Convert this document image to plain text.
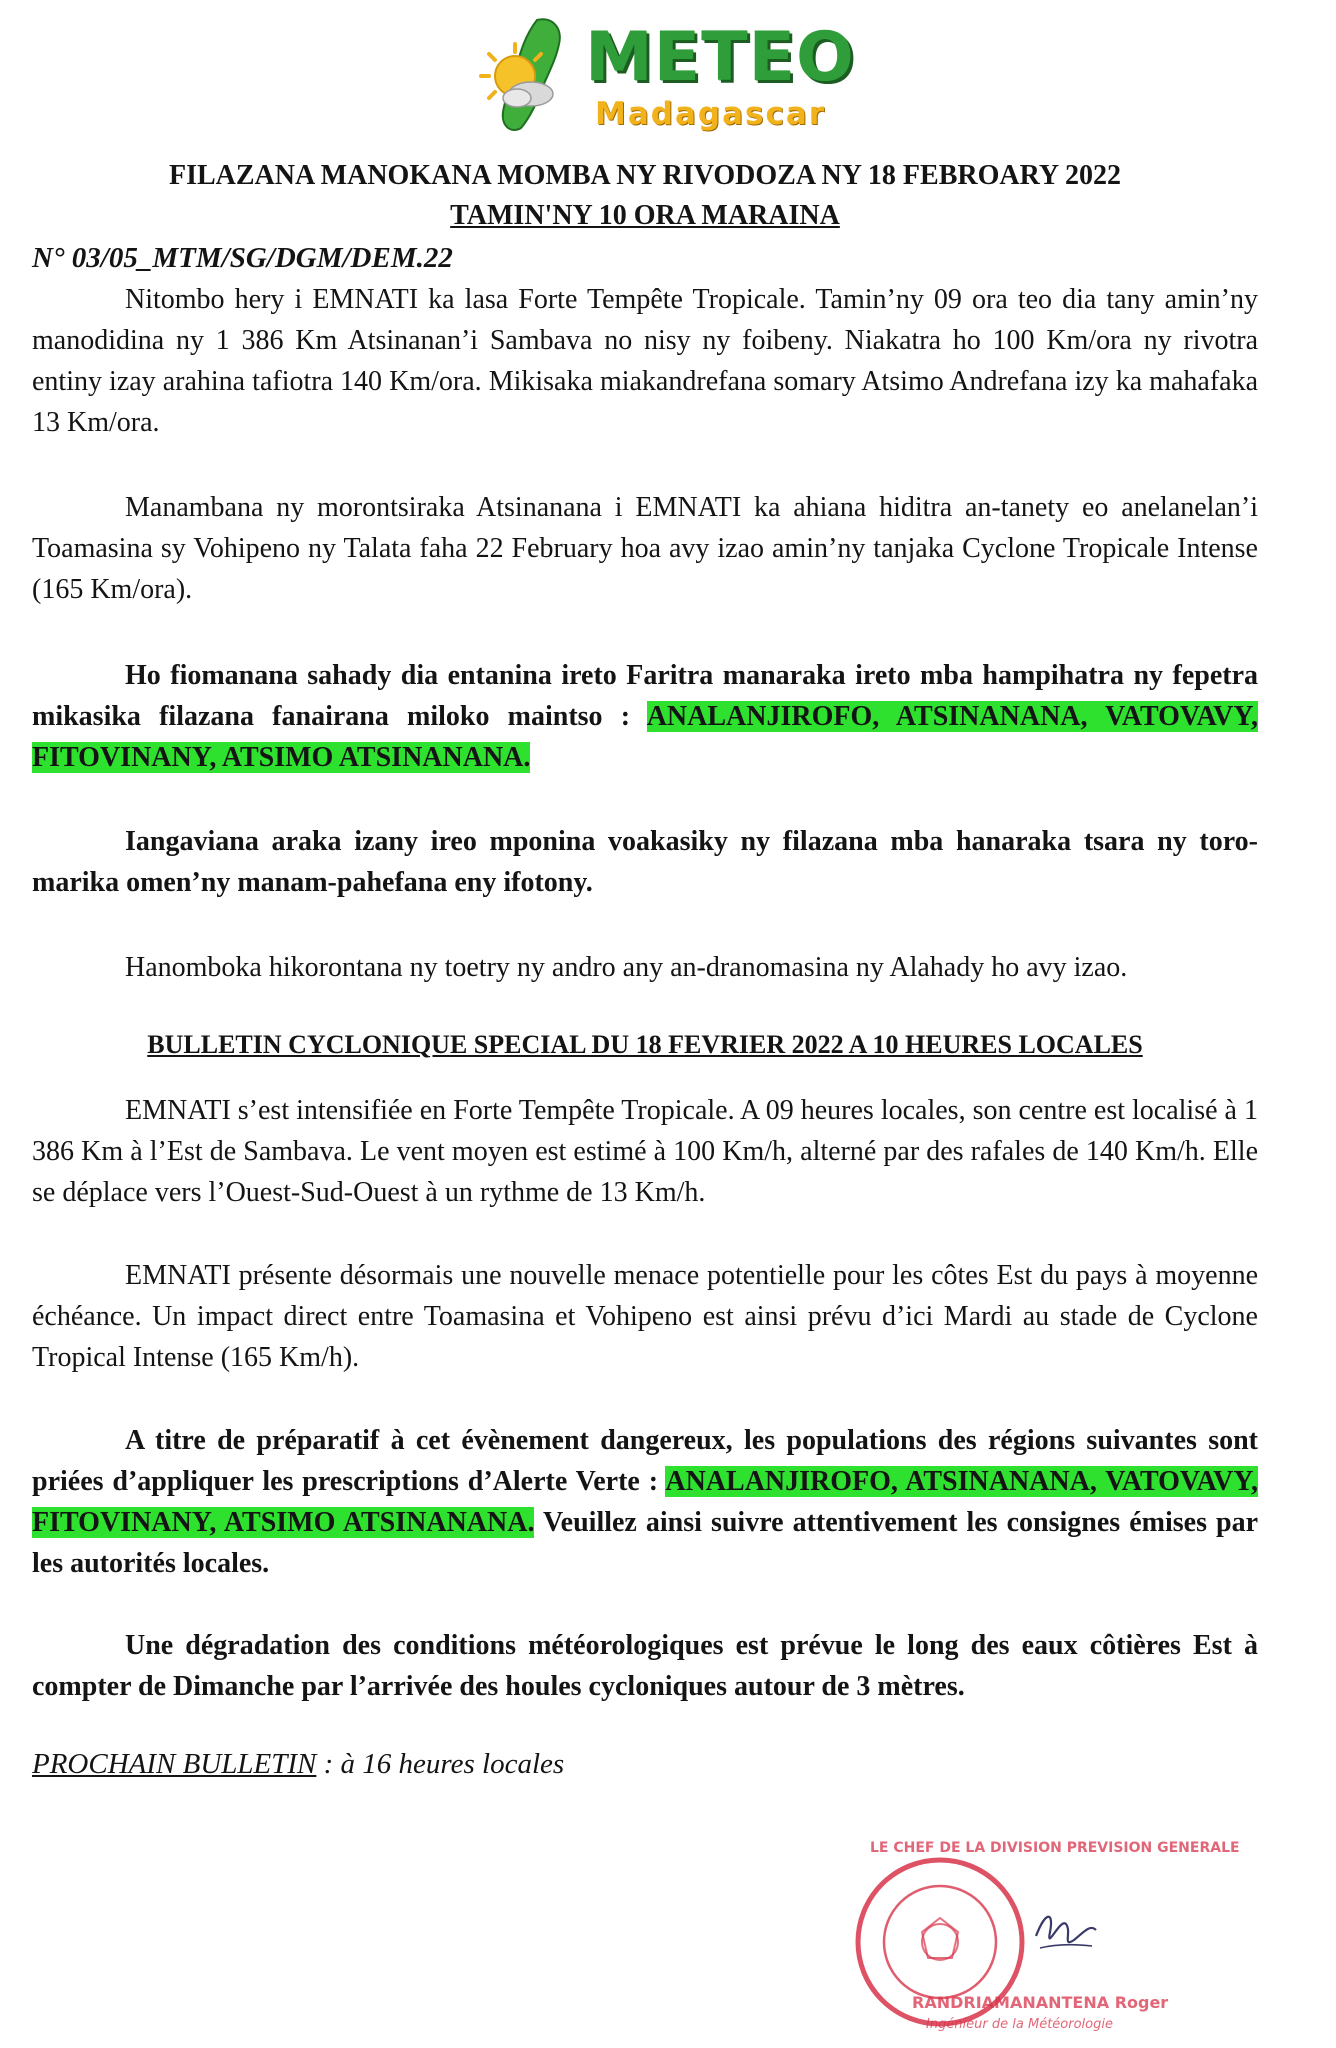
METEO
Madagascar
FILAZANA MANOKANA MOMBA NY RIVODOZA NY 18 FEBROARY 2022
TAMIN'NY 10 ORA MARAINA
N° 03/05_MTM/SG/DGM/DEM.22

Nitombo hery i EMNATI ka lasa Forte Tempête Tropicale. Tamin’ny 09 ora teo dia tany amin’ny manodidina ny 1 386 Km Atsinanan’i Sambava no nisy ny foibeny. Niakatra ho 100 Km/ora ny rivotra entiny izay arahina tafiotra 140 Km/ora. Mikisaka miakandrefana somary Atsimo Andrefana izy ka mahafaka 13 Km/ora.

Manambana ny morontsiraka Atsinanana i EMNATI ka ahiana hiditra an-tanety eo anelanelan’i Toamasina sy Vohipeno ny Talata faha 22 February hoa avy izao amin’ny tanjaka Cyclone Tropicale Intense (165 Km/ora).

Ho fiomanana sahady dia entanina ireto Faritra manaraka ireto mba hampihatra ny fepetra mikasika filazana fanairana miloko maintso : ANALANJIROFO, ATSINANANA, VATOVAVY, FITOVINANY, ATSIMO ATSINANANA.

Iangaviana araka izany ireo mponina voakasiky ny filazana mba hanaraka tsara ny toro-marika omen’ny manam-pahefana eny ifotony.

Hanomboka hikorontana ny toetry ny andro any an-dranomasina ny Alahady ho avy izao.

BULLETIN CYCLONIQUE SPECIAL DU 18 FEVRIER 2022 A 10 HEURES LOCALES

EMNATI s’est intensifiée en Forte Tempête Tropicale. A 09 heures locales, son centre est localisé à 1 386 Km à l’Est de Sambava. Le vent moyen est estimé à 100 Km/h, alterné par des rafales de 140 Km/h. Elle se déplace vers l’Ouest-Sud-Ouest à un rythme de 13 Km/h.

EMNATI présente désormais une nouvelle menace potentielle pour les côtes Est du pays à moyenne échéance. Un impact direct entre Toamasina et Vohipeno est ainsi prévu d’ici Mardi au stade de Cyclone Tropical Intense (165 Km/h).

A titre de préparatif à cet évènement dangereux, les populations des régions suivantes sont priées d’appliquer les prescriptions d’Alerte Verte : ANALANJIROFO, ATSINANANA, VATOVAVY, FITOVINANY, ATSIMO ATSINANANA. Veuillez ainsi suivre attentivement les consignes émises par les autorités locales.

Une dégradation des conditions météorologiques est prévue le long des eaux côtières Est à compter de Dimanche par l’arrivée des houles cycloniques autour de 3 mètres.

PROCHAIN BULLETIN : à 16 heures locales
LE CHEF DE LA DIVISION PREVISION GENERALE
RANDRIAMANANTENA Roger
Ingénieur de la Météorologie
